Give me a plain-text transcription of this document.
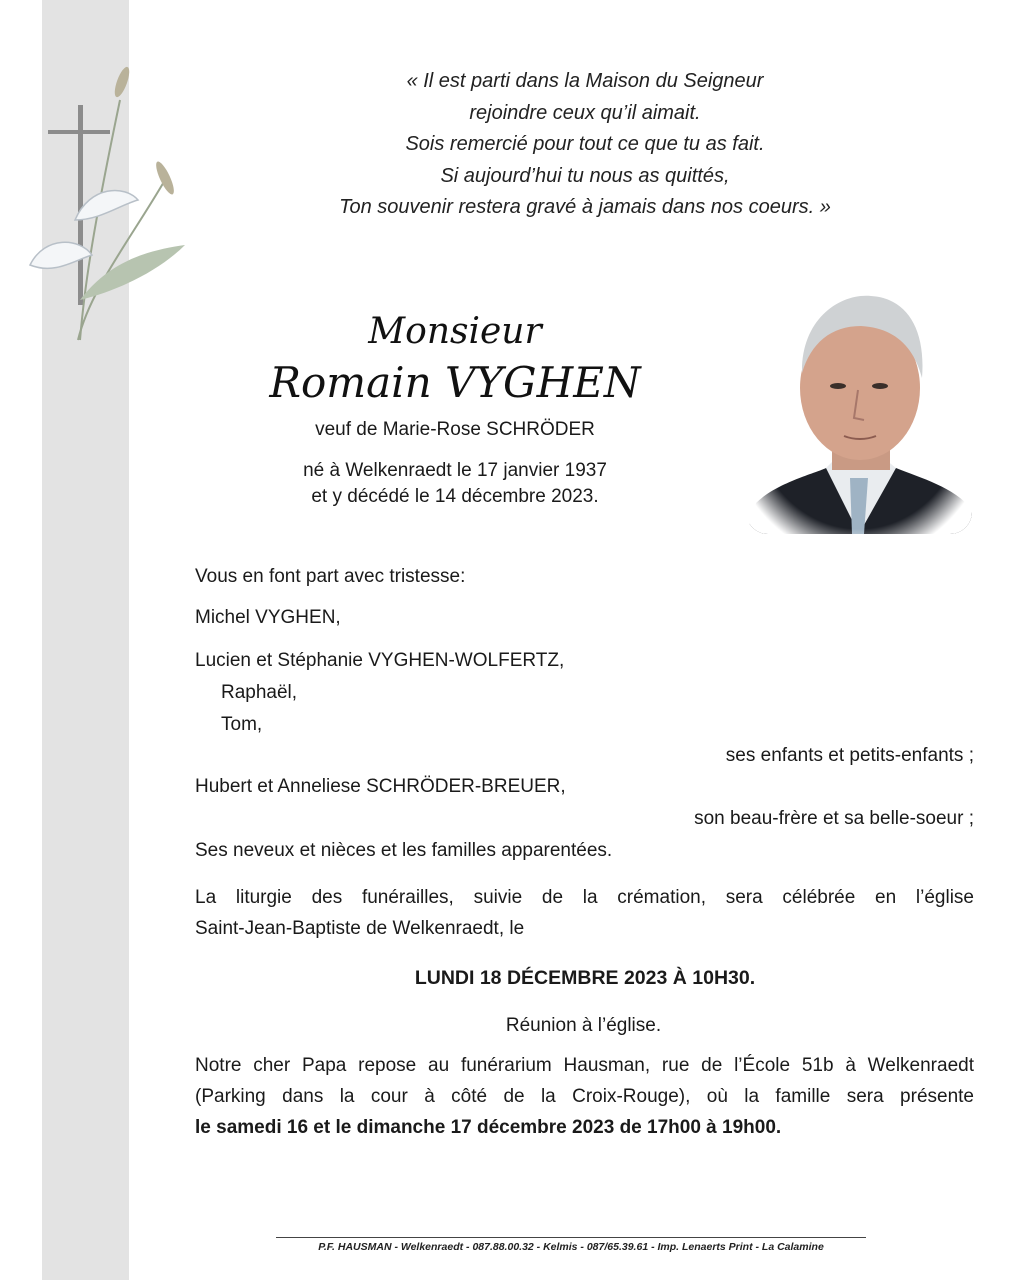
« Il est parti dans la Maison du Seigneur
rejoindre ceux qu’il aimait.
Sois remercié pour tout ce que tu as fait.
Si aujourd’hui tu nous as quittés,
Ton souvenir restera gravé à jamais dans nos coeurs. »
Monsieur
Romain VYGHEN
veuf de Marie-Rose SCHRÖDER
né à Welkenraedt le 17 janvier 1937
et y décédé le 14 décembre 2023.
Vous en font part avec tristesse:
Michel VYGHEN,
Lucien et Stéphanie VYGHEN-WOLFERTZ,
Raphaël,
Tom,
ses enfants et petits-enfants ;
Hubert et Anneliese SCHRÖDER-BREUER,
son beau-frère et sa belle-soeur ;
Ses neveux et nièces et les familles apparentées.
La liturgie des funérailles, suivie de la crémation, sera célébrée en l’église
Saint-Jean-Baptiste de Welkenraedt, le
LUNDI 18 DÉCEMBRE 2023 À 10H30.
Réunion à l’église.
Notre cher Papa repose au funérarium Hausman, rue de l’École 51b à Welkenraedt
(Parking dans la cour à côté de la Croix-Rouge), où la famille sera présente
le samedi 16 et le dimanche 17 décembre 2023 de 17h00 à 19h00.
P.F. HAUSMAN - Welkenraedt - 087.88.00.32 - Kelmis - 087/65.39.61 - Imp. Lenaerts Print - La Calamine
